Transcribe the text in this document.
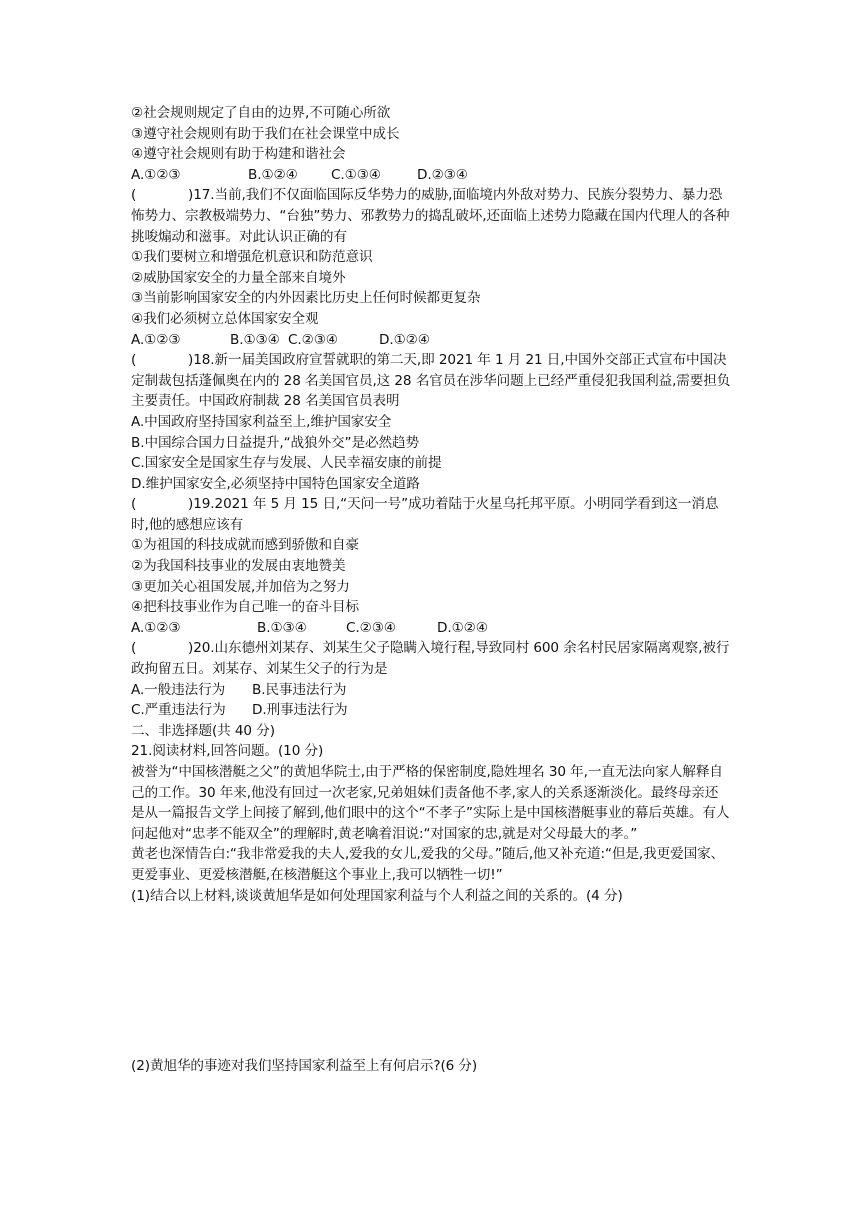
②社会规则规定了自由的边界,不可随心所欲
③遵守社会规则有助于我们在社会课堂中成长
④遵守社会规则有助于构建和谐社会
A.①②③	B.①②④ C.①③④	D.②③④
(	)17.当前,我们不仅面临国际反华势力的威胁,面临境内外敌对势力、民族分裂势力、暴力恐怖势力、宗教极端势力、“台独”势力、邪教势力的捣乱破坏,还面临上述势力隐藏在国内代理人的各种挑唆煽动和滋事。对此认识正确的有
①我们要树立和增强危机意识和防范意识
②威胁国家安全的力量全部来自境外
③当前影响国家安全的内外因素比历史上任何时候都更复杂
④我们必须树立总体国家安全观
A.①②③	B.①③④ C.②③④	D.①②④
(	)18.新一届美国政府宣誓就职的第二天,即 2021 年 1 月 21 日,中国外交部正式宣布中国决定制裁包括蓬佩奥在内的 28 名美国官员,这 28 名官员在涉华问题上已经严重侵犯我国利益,需要担负主要责任。中国政府制裁 28 名美国官员表明
A.中国政府坚持国家利益至上,维护国家安全
B.中国综合国力日益提升,“战狼外交”是必然趋势
C.国家安全是国家生存与发展、人民幸福安康的前提
D.维护国家安全,必须坚持中国特色国家安全道路
(	)19.2021 年 5 月 15 日,“天问一号”成功着陆于火星乌托邦平原。小明同学看到这一消息时,他的感想应该有
①为祖国的科技成就而感到骄傲和自豪
②为我国科技事业的发展由衷地赞美
③更加关心祖国发展,并加倍为之努力
④把科技事业作为自己唯一的奋斗目标
A.①②③	B.①③④	C.②③④	D.①②④
(	)20.山东德州刘某存、刘某生父子隐瞒入境行程,导致同村 600 余名村民居家隔离观察,被行政拘留五日。刘某存、刘某生父子的行为是
A.一般违法行为 B.民事违法行为
C.严重违法行为 D.刑事违法行为
二、非选择题(共 40 分)
21.阅读材料,回答问题。(10 分)
被誉为“中国核潜艇之父”的黄旭华院士,由于严格的保密制度,隐姓埋名 30 年,一直无法向家人解释自己的工作。30 年来,他没有回过一次老家,兄弟姐妹们责备他不孝,家人的关系逐渐淡化。最终母亲还是从一篇报告文学上间接了解到,他们眼中的这个“不孝子”实际上是中国核潜艇事业的幕后英雄。有人问起他对“忠孝不能双全”的理解时,黄老噙着泪说:“对国家的忠,就是对父母最大的孝。”
黄老也深情告白:“我非常爱我的夫人,爱我的女儿,爱我的父母。”随后,他又补充道:“但是,我更爱国家、更爱事业、更爱核潜艇,在核潜艇这个事业上,我可以牺牲一切!”
(1)结合以上材料,谈谈黄旭华是如何处理国家利益与个人利益之间的关系的。(4 分)
(2)黄旭华的事迹对我们坚持国家利益至上有何启示?(6 分)
